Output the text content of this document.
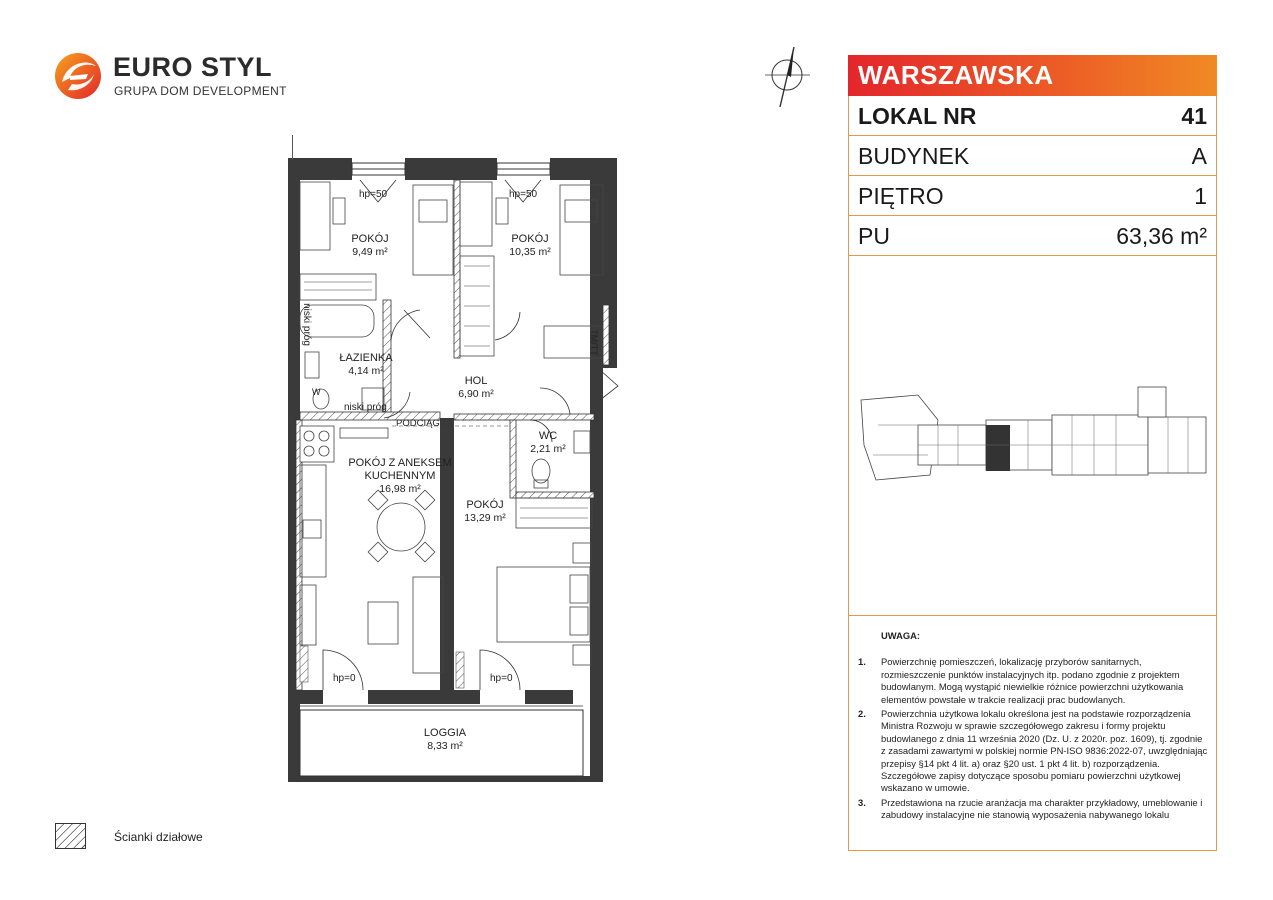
EURO STYL
GRUPA DOM DEVELOPMENT
POKÓJ
9,49 m²
POKÓJ
10,35 m²
ŁAZIENKA
4,14 m²
HOL
6,90 m²
POKÓJ Z ANEKSEM KUCHENNYM
16,98 m²
WC
2,21 m²
POKÓJ
13,29 m²
LOGGIA
8,33 m²
hp=50	hp=50
hp=0	hp=0
niski próg
niski próg
PODCIĄG
TM/TT
W
WARSZAWSKA
LOKAL NR	41
BUDYNEK	A
PIĘTRO	1
PU	63,36 m²
UWAGA:
1.	Powierzchnię pomieszczeń, lokalizację przyborów sanitarnych, rozmieszczenie punktów instalacyjnych itp. podano zgodnie z projektem budowlanym. Mogą wystąpić niewielkie różnice powierzchni użytkowania elementów powstałe w trakcie realizacji prac budowlanych.
2.	Powierzchnia użytkowa lokalu określona jest na podstawie rozporządzenia Ministra Rozwoju w sprawie szczegółowego zakresu i formy projektu budowlanego z dnia 11 września 2020 (Dz. U. z 2020r. poz. 1609), tj. zgodnie z zasadami zawartymi w polskiej normie PN-ISO 9836:2022-07, uwzględniając przepisy §14 pkt 4 lit. a) oraz §20 ust. 1 pkt 4 lit. b) rozporządzenia. Szczegółowe zapisy dotyczące sposobu pomiaru powierzchni użytkowej wskazano w umowie.
3.	Przedstawiona na rzucie aranżacja ma charakter przykładowy, umeblowanie i zabudowy instalacyjne nie stanowią wyposażenia nabywanego lokalu
Ścianki działowe
